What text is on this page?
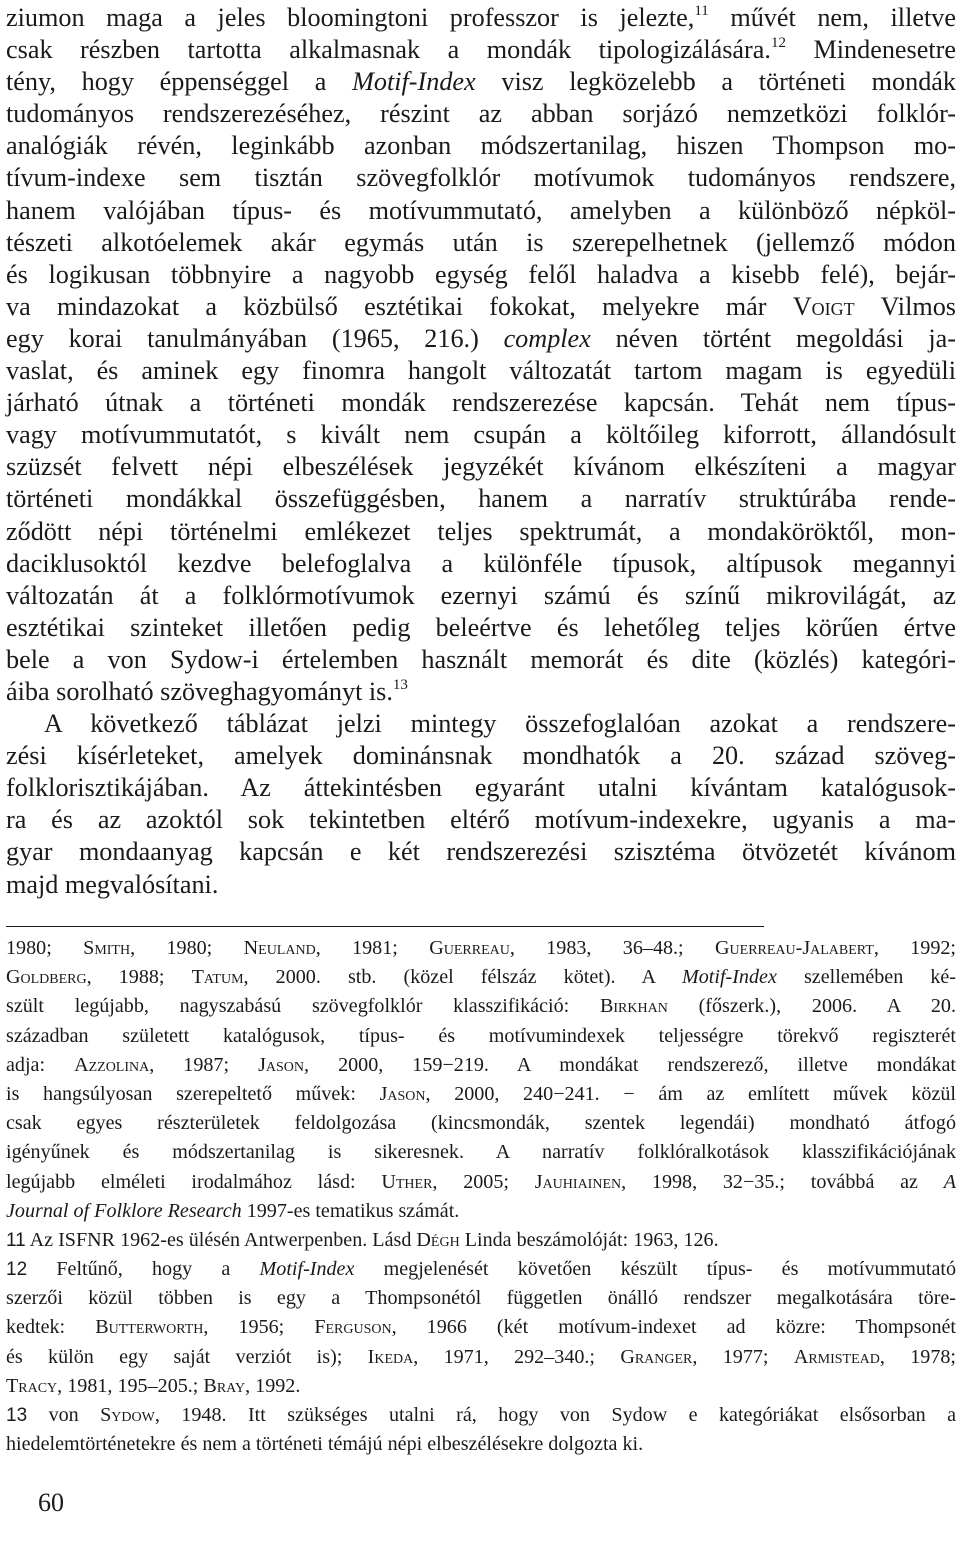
ziumon maga a jeles bloomingtoni professzor is jelezte,$^{11}$ művét nem, illetve
csak részben tartotta alkalmasnak a mondák tipologizálására.$^{12}$ Mindenesetre
tény, hogy éppenséggel a Motif-Index visz legközelebb a történeti mondák
tudományos rendszerezéséhez, részint az abban sorjázó nemzetközi folklór-
analógiák révén, leginkább azonban módszertanilag, hiszen Thompson mo-
tívum-indexe sem tisztán szövegfolklór motívumok tudományos rendszere,
hanem valójában típus- és motívummutató, amelyben a különböző népköl-
tészeti alkotóelemek akár egymás után is szerepelhetnek (jellemző módon
és logikusan többnyire a nagyobb egység felől haladva a kisebb felé), bejár-
va mindazokat a közbülső esztétikai fokokat, melyekre már Voigt Vilmos
egy korai tanulmányában (1965, 216.) complex néven történt megoldási ja-
vaslat, és aminek egy finomra hangolt változatát tartom magam is egyedüli
járható útnak a történeti mondák rendszerezése kapcsán. Tehát nem típus-
vagy motívummutatót, s kivált nem csupán a költőileg kiforrott, állandósult
szüzsét felvett népi elbeszélések jegyzékét kívánom elkészíteni a magyar
történeti mondákkal összefüggésben, hanem a narratív struktúrába rende-
ződött népi történelmi emlékezet teljes spektrumát, a mondaköröktől, mon-
daciklusoktól kezdve belefoglalva a különféle típusok, altípusok megannyi
változatán át a folklórmotívumok ezernyi számú és színű mikrovilágát, az
esztétikai szinteket illetően pedig beleértve és lehetőleg teljes körűen értve
bele a von Sydow-i értelemben használt memorát és dite (közlés) kategóri-
áiba sorolható szöveghagyományt is.$^{13}$
A következő táblázat jelzi mintegy összefoglalóan azokat a rendszere-
zési kísérleteket, amelyek dominánsnak mondhatók a 20. század szöveg-
folklorisztikájában. Az áttekintésben egyaránt utalni kívántam katalógusok-
ra és az azoktól sok tekintetben eltérő motívum-indexekre, ugyanis a ma-
gyar mondaanyag kapcsán e két rendszerezési szisztéma ötvözetét kívánom
majd megvalósítani.
1980; Smith, 1980; Neuland, 1981; Guerreau, 1983, 36–48.; Guerreau-Jalabert, 1992;
Goldberg, 1988; Tatum, 2000. stb. (közel félszáz kötet). A Motif-Index szellemében ké-
szült legújabb, nagyszabású szövegfolklór klasszifikáció: Birkhan (főszerk.), 2006. A 20.
században született katalógusok, típus- és motívumindexek teljességre törekvő regiszterét
adja: Azzolina, 1987; Jason, 2000, 159−219. A mondákat rendszerező, illetve mondákat
is hangsúlyosan szerepeltető művek: Jason, 2000, 240−241. − ám az említett művek közül
csak egyes részterületek feldolgozása (kincsmondák, szentek legendái) mondható átfogó
igényűnek és módszertanilag is sikeresnek. A narratív folklóralkotások klasszifikációjának
legújabb elméleti irodalmához lásd: Uther, 2005; Jauhiainen, 1998, 32−35.; továbbá az A
Journal of Folklore Research 1997-es tematikus számát.
11 Az ISFNR 1962-es ülésén Antwerpenben. Lásd Dégh Linda beszámolóját: 1963, 126.
12 Feltűnő, hogy a Motif-Index megjelenését követően készült típus- és motívummutató
szerzői közül többen is egy a Thompsonétól független önálló rendszer megalkotására töre-
kedtek: Butterworth, 1956; Ferguson, 1966 (két motívum-indexet ad közre: Thompsonét
és külön egy saját verziót is); Ikeda, 1971, 292–340.; Granger, 1977; Armistead, 1978;
Tracy, 1981, 195–205.; Bray, 1992.
13 von Sydow, 1948. Itt szükséges utalni rá, hogy von Sydow e kategóriákat elsősorban a
hiedelemtörténetekre és nem a történeti témájú népi elbeszélésekre dolgozta ki.
60
